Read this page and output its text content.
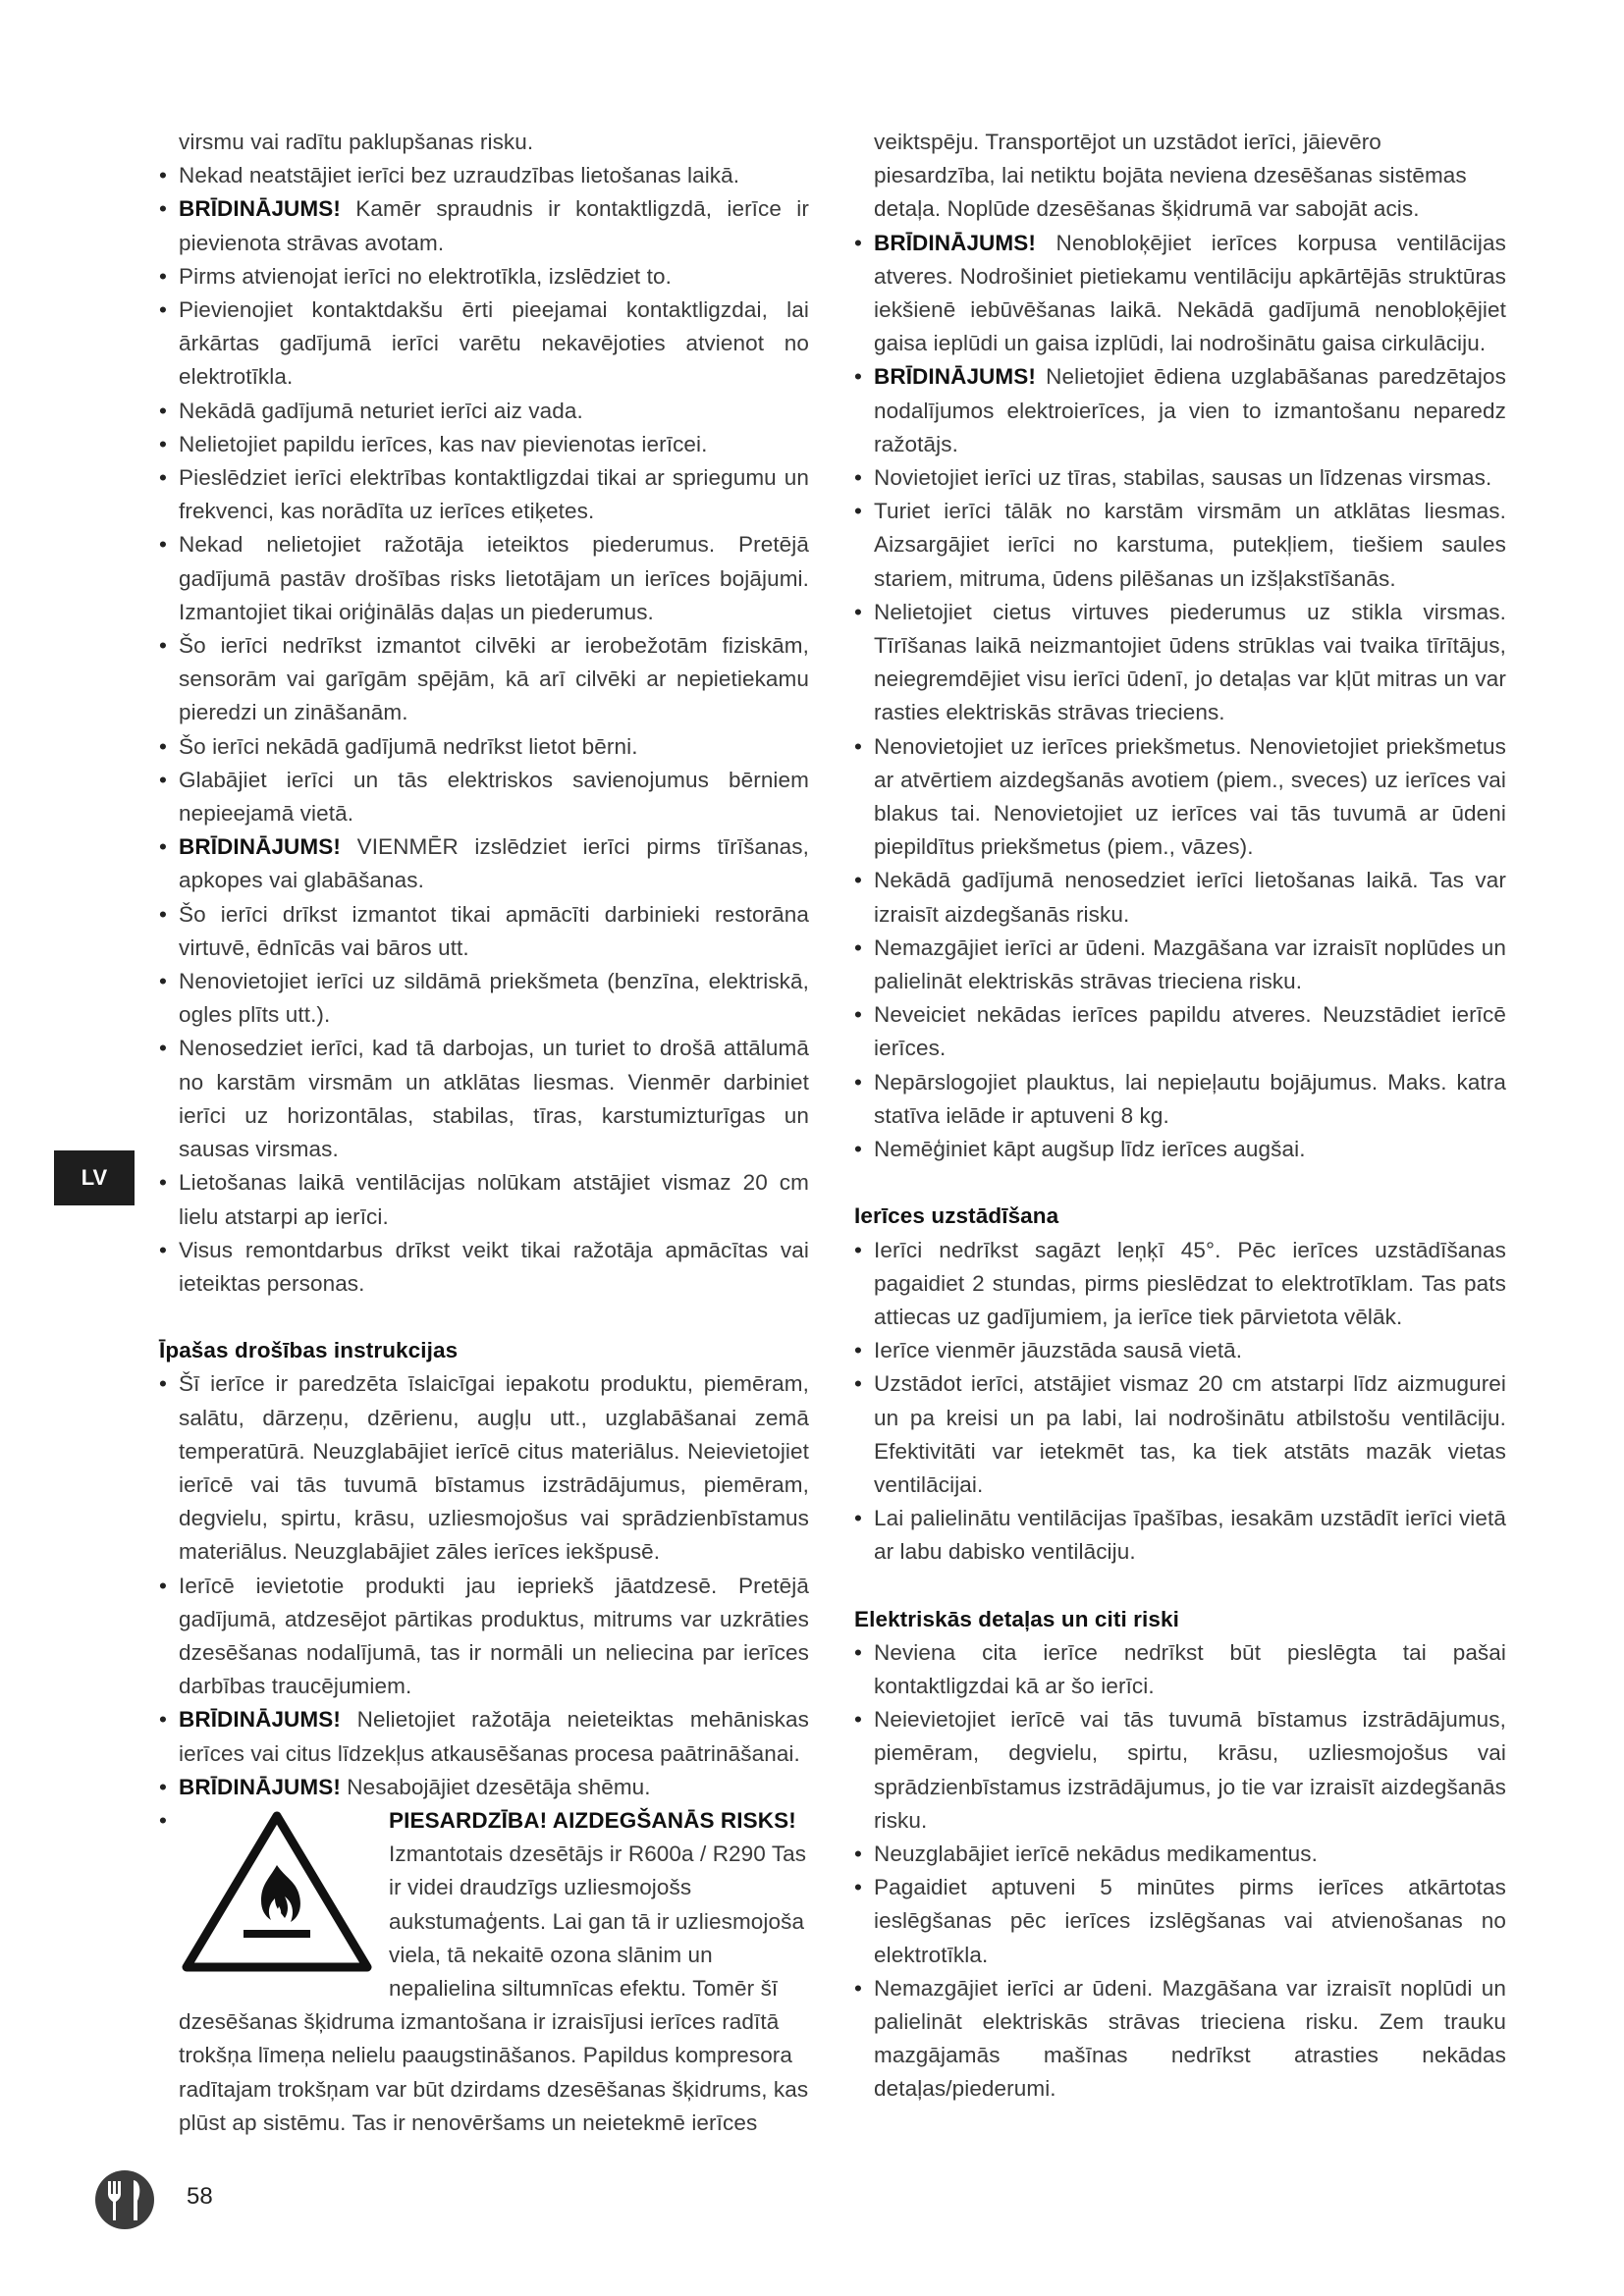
virsmu vai radītu paklupšanas risku.

• Nekad neatstājiet ierīci bez uzraudzības lietošanas laikā.

• BRĪDINĀJUMS! Kamēr spraudnis ir kontaktligzdā, ierīce ir pievienota strāvas avotam.

• Pirms atvienojat ierīci no elektrotīkla, izslēdziet to.

• Pievienojiet kontaktdakšu ērti pieejamai kontaktligzdai, lai ārkārtas gadījumā ierīci varētu nekavējoties atvienot no elektrotīkla.

• Nekādā gadījumā neturiet ierīci aiz vada.

• Nelietojiet papildu ierīces, kas nav pievienotas ierīcei.

• Pieslēdziet ierīci elektrības kontaktligzdai tikai ar spriegumu un frekvenci, kas norādīta uz ierīces etiķetes.

• Nekad nelietojiet ražotāja ieteiktos piederumus. Pretējā gadījumā pastāv drošības risks lietotājam un ierīces bojājumi. Izmantojiet tikai oriģinālās daļas un piederumus.

• Šo ierīci nedrīkst izmantot cilvēki ar ierobežotām fiziskām, sensorām vai garīgām spējām, kā arī cilvēki ar nepietiekamu pieredzi un zināšanām.

• Šo ierīci nekādā gadījumā nedrīkst lietot bērni.

• Glabājiet ierīci un tās elektriskos savienojumus bērniem nepieejamā vietā.

• BRĪDINĀJUMS! VIENMĒR izslēdziet ierīci pirms tīrīšanas, apkopes vai glabāšanas.

• Šo ierīci drīkst izmantot tikai apmācīti darbinieki restorāna virtuvē, ēdnīcās vai bāros utt.

• Nenovietojiet ierīci uz sildāmā priekšmeta (benzīna, elektriskā, ogles plīts utt.).

• Nenosedziet ierīci, kad tā darbojas, un turiet to drošā attālumā no karstām virsmām un atklātas liesmas. Vienmēr darbiniet ierīci uz horizontālas, stabilas, tīras, karstumizturīgas un sausas virsmas.

• Lietošanas laikā ventilācijas nolūkam atstājiet vismaz 20 cm lielu atstarpi ap ierīci.

• Visus remontdarbus drīkst veikt tikai ražotāja apmācītas vai ieteiktas personas.

Īpašas drošības instrukcijas

• Šī ierīce ir paredzēta īslaicīgai iepakotu produktu, piemēram, salātu, dārzeņu, dzērienu, augļu utt., uzglabāšanai zemā temperatūrā. Neuzglabājiet ierīcē citus materiālus. Neievietojiet ierīcē vai tās tuvumā bīstamus izstrādājumus, piemēram, degvielu, spirtu, krāsu, uzliesmojošus vai sprādzienbīstamus materiālus. Neuzglabājiet zāles ierīces iekšpusē.

• Ierīcē ievietotie produkti jau iepriekš jāatdzesē. Pretējā gadījumā, atdzesējot pārtikas produktus, mitrums var uzkrāties dzesēšanas nodalījumā, tas ir normāli un neliecina par ierīces darbības traucējumiem.

• BRĪDINĀJUMS! Nelietojiet ražotāja neieteiktas mehāniskas ierīces vai citus līdzekļus atkausēšanas procesa paātrināšanai.

• BRĪDINĀJUMS! Nesabojājiet dzesētāja shēmu.

• PIESARDZĪBA! AIZDEGŠANĀS RISKS! Izmantotais dzesētājs ir R600a / R290 Tas ir videi draudzīgs uzliesmojošs aukstumaģents. Lai gan tā ir uzliesmojoša viela, tā nekaitē ozona slānim un nepalielina siltumnīcas efektu. Tomēr šī dzesēšanas šķidruma izmantošana ir izraisījusi ierīces radītā trokšņa līmeņa nelielu paaugstināšanos. Papildus kompresora radītajam trokšņam var būt dzirdams dzesēšanas šķidrums, kas plūst ap sistēmu. Tas ir nenovēršams un neietekmē ierīces

veiktspēju. Transportējot un uzstādot ierīci, jāievēro piesardzība, lai netiktu bojāta neviena dzesēšanas sistēmas detaļa. Noplūde dzesēšanas šķidrumā var sabojāt acis.

• BRĪDINĀJUMS! Nenobloķējiet ierīces korpusa ventilācijas atveres. Nodrošiniet pietiekamu ventilāciju apkārtējās struktūras iekšienē iebūvēšanas laikā. Nekādā gadījumā nenobloķējiet gaisa ieplūdi un gaisa izplūdi, lai nodrošinātu gaisa cirkulāciju.

• BRĪDINĀJUMS! Nelietojiet ēdiena uzglabāšanas paredzētajos nodalījumos elektroierīces, ja vien to izmantošanu neparedz ražotājs.

• Novietojiet ierīci uz tīras, stabilas, sausas un līdzenas virsmas.

• Turiet ierīci tālāk no karstām virsmām un atklātas liesmas. Aizsargājiet ierīci no karstuma, putekļiem, tiešiem saules stariem, mitruma, ūdens pilēšanas un izšļakstīšanās.

• Nelietojiet cietus virtuves piederumus uz stikla virsmas. Tīrīšanas laikā neizmantojiet ūdens strūklas vai tvaika tīrītājus, neiegremdējiet visu ierīci ūdenī, jo detaļas var kļūt mitras un var rasties elektriskās strāvas trieciens.

• Nenovietojiet uz ierīces priekšmetus. Nenovietojiet priekšmetus ar atvērtiem aizdegšanās avotiem (piem., sveces) uz ierīces vai blakus tai. Nenovietojiet uz ierīces vai tās tuvumā ar ūdeni piepildītus priekšmetus (piem., vāzes).

• Nekādā gadījumā nenosedziet ierīci lietošanas laikā. Tas var izraisīt aizdegšanās risku.

• Nemazgājiet ierīci ar ūdeni. Mazgāšana var izraisīt noplūdes un palielināt elektriskās strāvas trieciena risku.

• Neveiciet nekādas ierīces papildu atveres. Neuzstādiet ierīcē ierīces.

• Nepārslogojiet plauktus, lai nepieļautu bojājumus. Maks. katra statīva ielāde ir aptuveni 8 kg.

• Nemēģiniet kāpt augšup līdz ierīces augšai.

Ierīces uzstādīšana

• Ierīci nedrīkst sagāzt leņķī 45°. Pēc ierīces uzstādīšanas pagaidiet 2 stundas, pirms pieslēdzat to elektrotīklam. Tas pats attiecas uz gadījumiem, ja ierīce tiek pārvietota vēlāk.

• Ierīce vienmēr jāuzstāda sausā vietā.

• Uzstādot ierīci, atstājiet vismaz 20 cm atstarpi līdz aizmugurei un pa kreisi un pa labi, lai nodrošinātu atbilstošu ventilāciju. Efektivitāti var ietekmēt tas, ka tiek atstāts mazāk vietas ventilācijai.

• Lai palielinātu ventilācijas īpašības, iesakām uzstādīt ierīci vietā ar labu dabisko ventilāciju.

Elektriskās detaļas un citi riski

• Neviena cita ierīce nedrīkst būt pieslēgta tai pašai kontaktligzdai kā ar šo ierīci.

• Neievietojiet ierīcē vai tās tuvumā bīstamus izstrādājumus, piemēram, degvielu, spirtu, krāsu, uzliesmojošus vai sprādzienbīstamus izstrādājumus, jo tie var izraisīt aizdegšanās risku.

• Neuzglabājiet ierīcē nekādus medikamentus.

• Pagaidiet aptuveni 5 minūtes pirms ierīces atkārtotas ieslēgšanas pēc ierīces izslēgšanas vai atvienošanas no elektrotīkla.

• Nemazgājiet ierīci ar ūdeni. Mazgāšana var izraisīt noplūdi un palielināt elektriskās strāvas trieciena risku. Zem trauku mazgājamās mašīnas nedrīkst atrasties nekādas detaļas/piederumi.

LV
58
